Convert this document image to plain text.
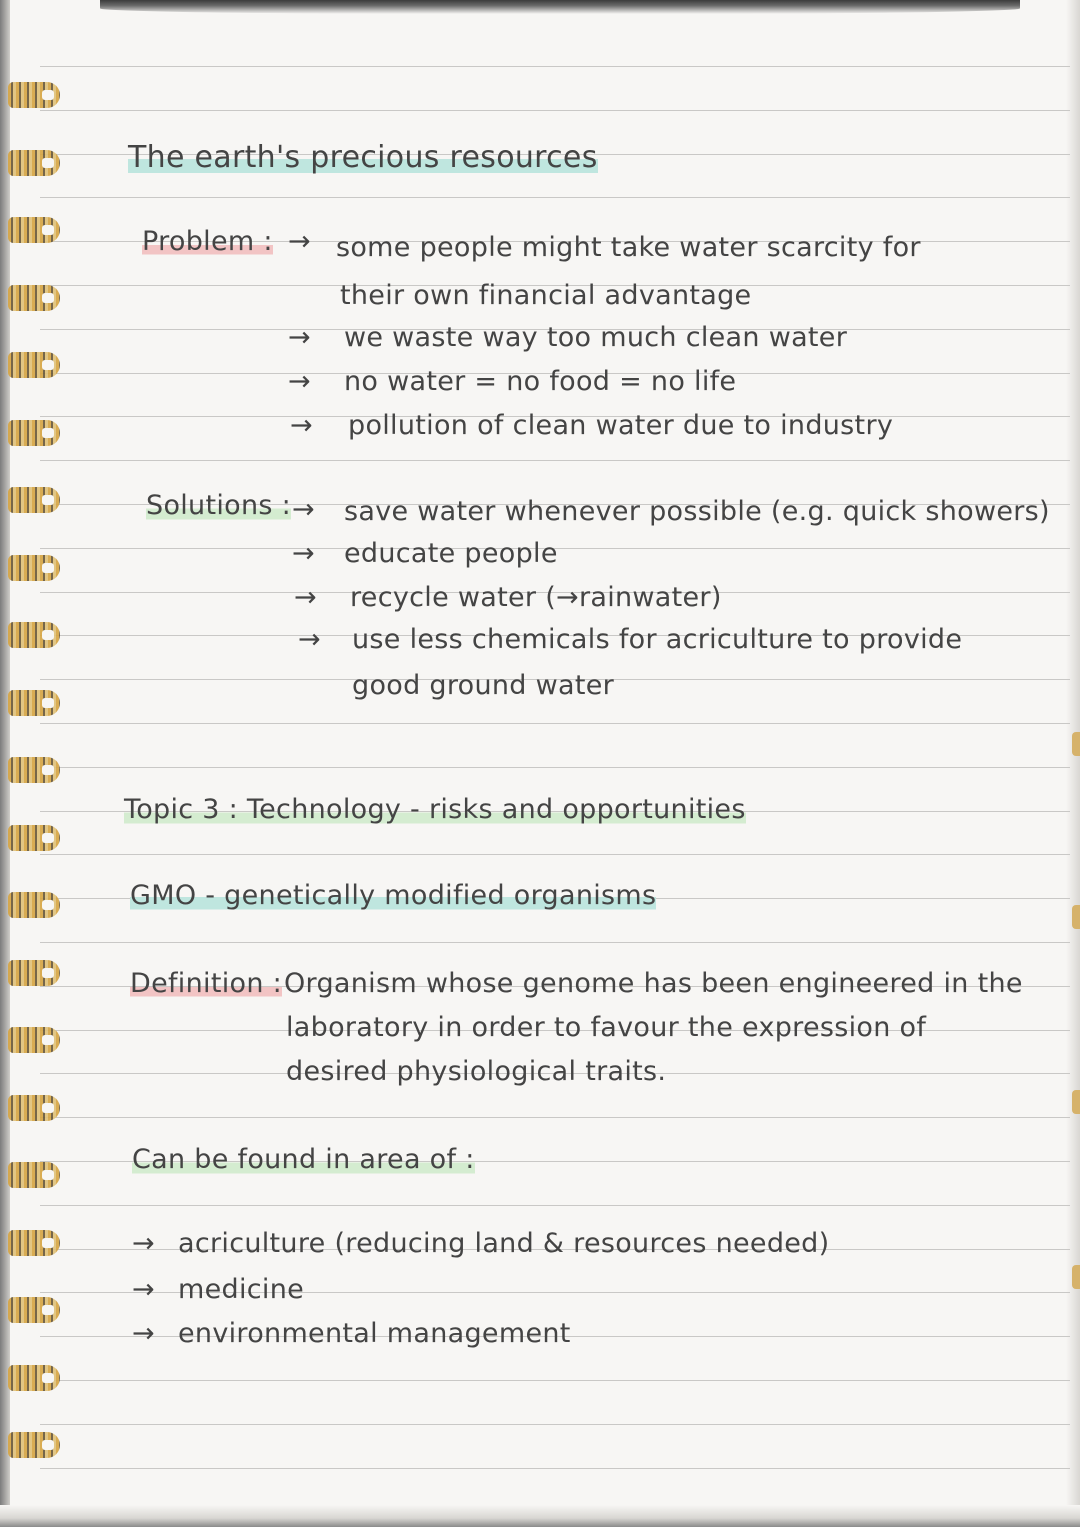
The earth's precious resources
Problem : → some people might take water scarcity for
their own financial advantage
→ we waste way too much clean water
→ no water = no food = no life
→ pollution of clean water due to industry
Solutions : → save water whenever possible (e.g. quick showers)
→ educate people
→ recycle water (→rainwater)
→ use less chemicals for acriculture to provide
good ground water
Topic 3 : Technology - risks and opportunities
GMO - genetically modified organisms
Definition : Organism whose genome has been engineered in the
laboratory in order to favour the expression of
desired physiological traits.
Can be found in area of :
→ acriculture (reducing land & resources needed)
→ medicine
→ environmental management
